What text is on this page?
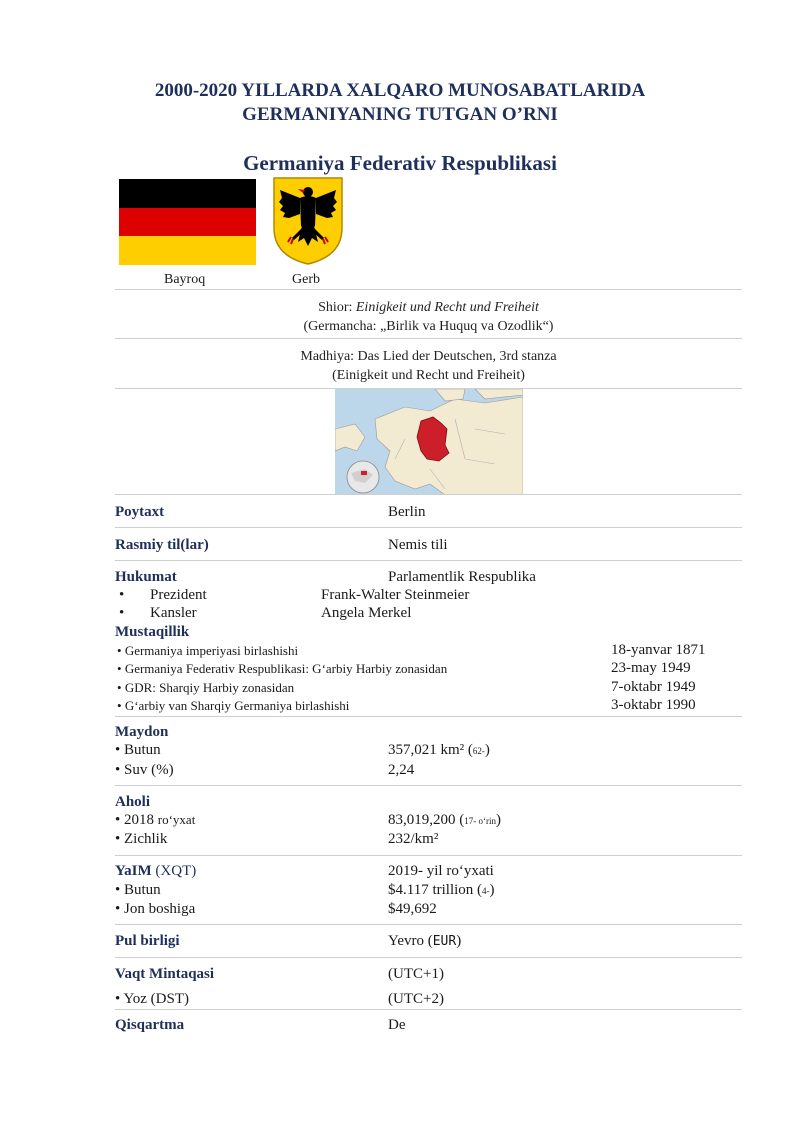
2000-2020 YILLARDA XALQARO MUNOSABATLARIDA
GERMANIYANING TUTGAN O’RNI
Germaniya Federativ Respublikasi
Bayroq	Gerb
Shior: Einigkeit und Recht und Freiheit
(Germancha: „Birlik va Huquq va Ozodlik“)
Madhiya: Das Lied der Deutschen, 3rd stanza
(Einigkeit und Recht und Freiheit)
Poytaxt	Berlin
Rasmiy til(lar)	Nemis tili
Hukumat	Parlamentlik Respublika
• Prezident	Frank-Walter Steinmeier
• Kansler	Angela Merkel
Mustaqillik
• Germaniya imperiyasi birlashishi	18-yanvar 1871
• Germaniya Federativ Respublikasi: G‘arbiy Harbiy zonasidan	23-may 1949
• GDR: Sharqiy Harbiy zonasidan	7-oktabr 1949
• G‘arbiy van Sharqiy Germaniya birlashishi	3-oktabr 1990
Maydon
• Butun	357,021 km² (62-)
• Suv (%)	2,24
Aholi
• 2018 ro‘yxat	83,019,200 (17- o‘rin)
• Zichlik	232/km²
YaIM (XQT)	2019- yil ro‘yxati
• Butun	$4.117 trillion (4-)
• Jon boshiga	$49,692
Pul birligi	Yevro (EUR)
Vaqt Mintaqasi	(UTC+1)
• Yoz (DST)	(UTC+2)
Qisqartma	De
